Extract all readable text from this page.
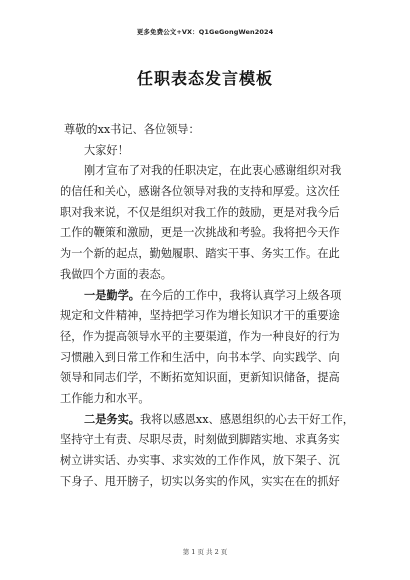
更多免费公文+VX：Q1GeGongWen2024
任职表态发言模板
尊敬的xx书记、各位领导：
大家好！
刚才宣布了对我的任职决定，在此衷心感谢组织对我
的信任和关心，感谢各位领导对我的支持和厚爱。这次任
职对我来说，不仅是组织对我工作的鼓励，更是对我今后
工作的鞭策和激励，更是一次挑战和考验。我将把今天作
为一个新的起点，勤勉履职、踏实干事、务实工作。在此
我做四个方面的表态。
一是勤学。在今后的工作中，我将认真学习上级各项
规定和文件精神，坚持把学习作为增长知识才干的重要途
径，作为提高领导水平的主要渠道，作为一种良好的行为
习惯融入到日常工作和生活中，向书本学、向实践学、向
领导和同志们学，不断拓宽知识面，更新知识储备，提高
工作能力和水平。
二是务实。我将以感恩xx、感恩组织的心去干好工作，
坚持守土有责、尽职尽责，时刻做到脚踏实地、求真务实
树立讲实话、办实事、求实效的工作作风，放下架子、沉
下身子、甩开膀子，切实以务实的作风，实实在在的抓好
第 1 页 共 2 页
